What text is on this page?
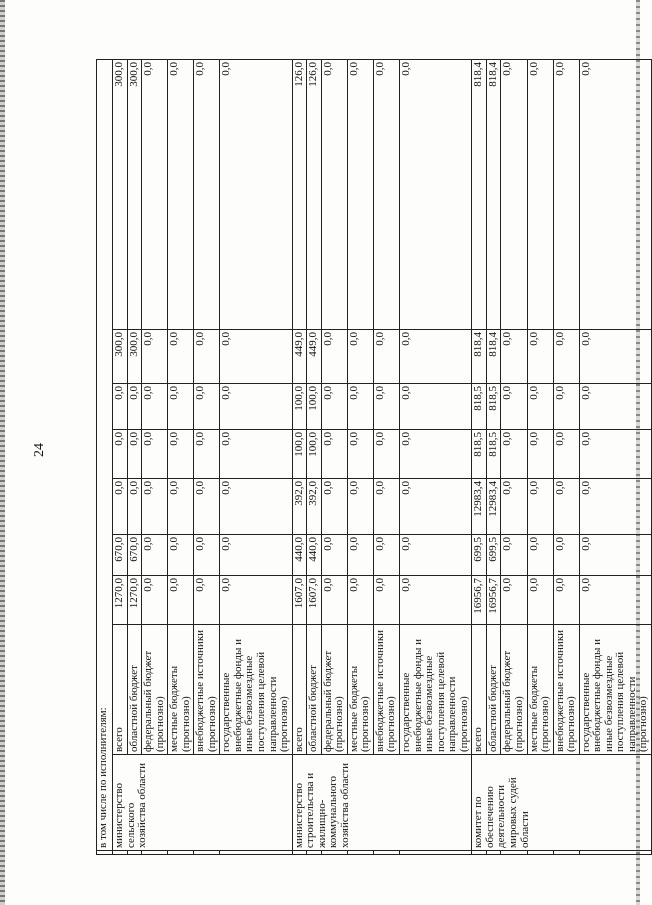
24
	в том числе по исполнителям:									
	министерство сельского хозяйства области	всего	1270,0	670,0	0,0	0,0	0,0	300,0	300,0	
		областной бюджет	1270,0	670,0	0,0	0,0	0,0	300,0	300,0	
		федеральный бюджет (прогнозно)	0,0	0,0	0,0	0,0	0,0	0,0	0,0	
		местные бюджеты (прогнозно)	0,0	0,0	0,0	0,0	0,0	0,0	0,0	
		внебюджетные источники (прогнозно)	0,0	0,0	0,0	0,0	0,0	0,0	0,0	
		государственные внебюджетные фонды и иные безвозмездные поступления целевой направленности (прогнозно)	0,0	0,0	0,0	0,0	0,0	0,0	0,0	
	министерство строительства и жилищно-коммунального хозяйства области	всего	1607,0	440,0	392,0	100,0	100,0	449,0	126,0	
		областной бюджет	1607,0	440,0	392,0	100,0	100,0	449,0	126,0	
		федеральный бюджет (прогнозно)	0,0	0,0	0,0	0,0	0,0	0,0	0,0	
		местные бюджеты (прогнозно)	0,0	0,0	0,0	0,0	0,0	0,0	0,0	
		внебюджетные источники (прогнозно)	0,0	0,0	0,0	0,0	0,0	0,0	0,0	
		государственные внебюджетные фонды и иные безвозмездные поступления целевой направленности (прогнозно)	0,0	0,0	0,0	0,0	0,0	0,0	0,0	
	комитет по обеспечению деятельности мировых судей области	всего	16956,7	699,5	12983,4	818,5	818,5	818,4	818,4	
		областной бюджет	16956,7	699,5	12983,4	818,5	818,5	818,4	818,4	
		федеральный бюджет (прогнозно)	0,0	0,0	0,0	0,0	0,0	0,0	0,0	
		местные бюджеты (прогнозно)	0,0	0,0	0,0	0,0	0,0	0,0	0,0	
		внебюджетные источники (прогнозно)	0,0	0,0	0,0	0,0	0,0	0,0	0,0	
		государственные внебюджетные фонды и иные безвозмездные поступления целевой направленности (прогнозно)	0,0	0,0	0,0	0,0	0,0	0,0	0,0	
